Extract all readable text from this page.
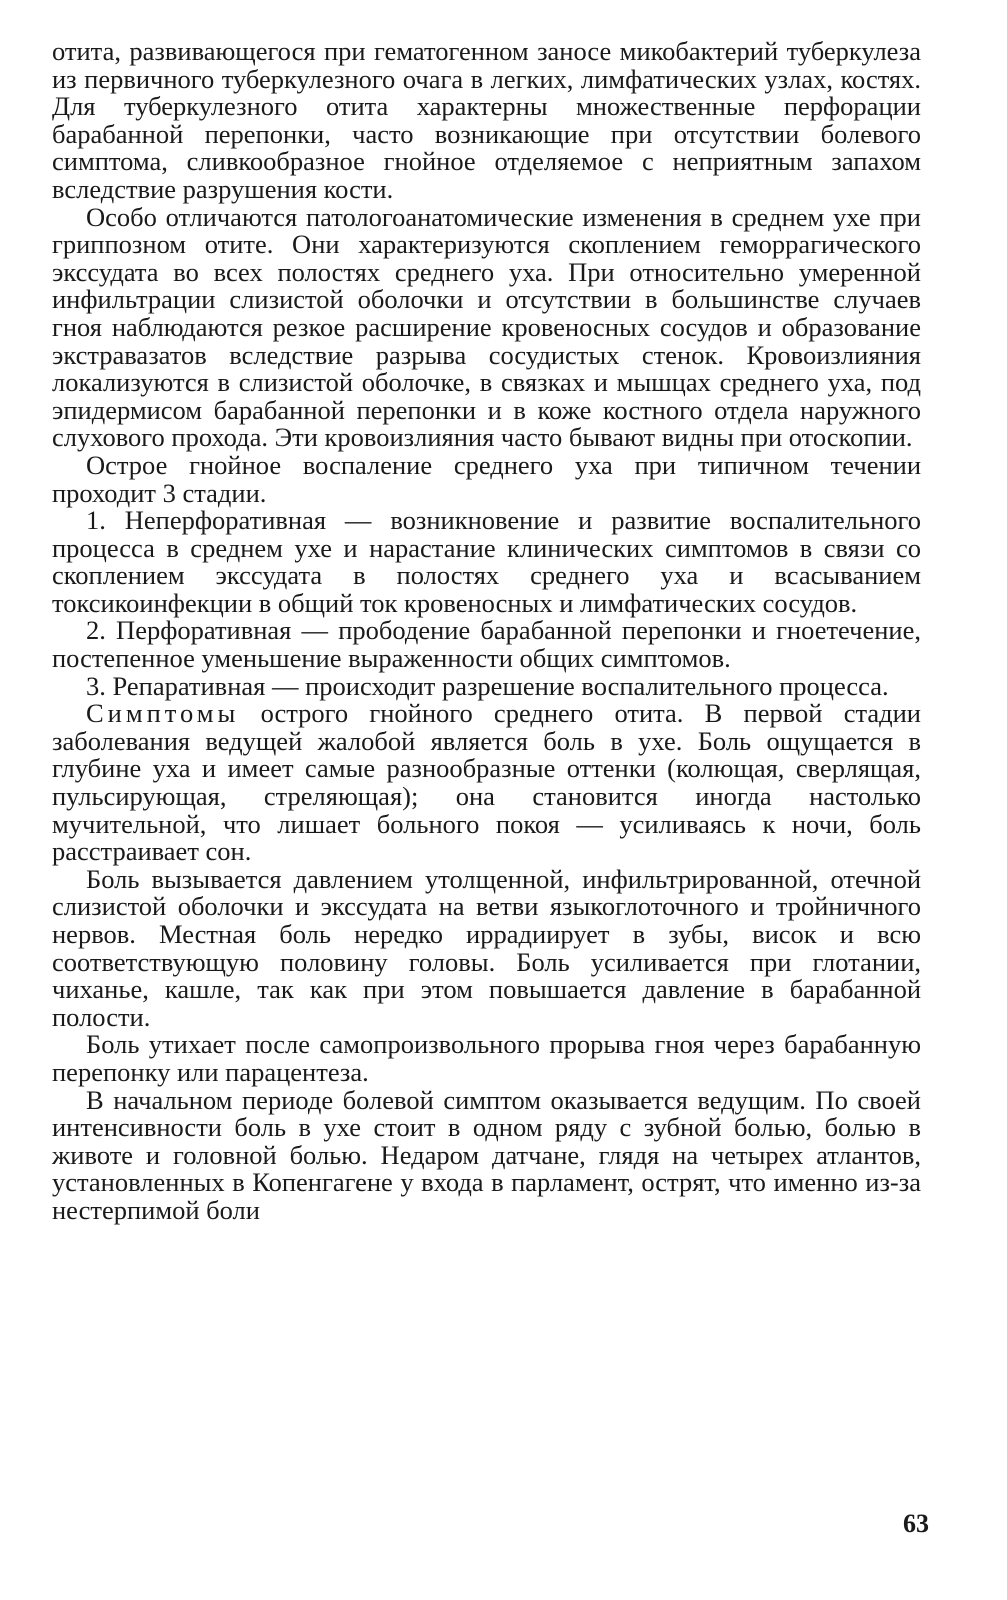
отита, развивающегося при гематогенном заносе микобактерий туберкулеза из первичного туберкулезного очага в легких, лимфатических узлах, костях. Для туберкулезного отита характерны множественные перфорации барабанной перепонки, часто возникающие при отсутствии болевого симптома, сливкообразное гнойное отделяемое с неприятным запахом вследствие разрушения кости.

Особо отличаются патологоанатомические изменения в среднем ухе при гриппозном отите. Они характеризуются скоплением геморрагического экссудата во всех полостях среднего уха. При относительно умеренной инфильтрации слизистой оболочки и отсутствии в большинстве случаев гноя наблюдаются резкое расширение кровеносных сосудов и образование экстравазатов вследствие разрыва сосудистых стенок. Кровоизлияния локализуются в слизистой оболочке, в связках и мышцах среднего уха, под эпидермисом барабанной перепонки и в коже костного отдела наружного слухового прохода. Эти кровоизлияния часто бывают видны при отоскопии.

Острое гнойное воспаление среднего уха при типичном течении проходит 3 стадии.

1. Неперфоративная — возникновение и развитие воспалительного процесса в среднем ухе и нарастание клинических симптомов в связи со скоплением экссудата в полостях среднего уха и всасыванием токсикоинфекции в общий ток кровеносных и лимфатических сосудов.

2. Перфоративная — прободение барабанной перепонки и гноетечение, постепенное уменьшение выраженности общих симптомов.

3. Репаративная — происходит разрешение воспалительного процесса.

Симптомы острого гнойного среднего отита. В первой стадии заболевания ведущей жалобой является боль в ухе. Боль ощущается в глубине уха и имеет самые разнообразные оттенки (колющая, сверлящая, пульсирующая, стреляющая); она становится иногда настолько мучительной, что лишает больного покоя — усиливаясь к ночи, боль расстраивает сон.

Боль вызывается давлением утолщенной, инфильтрированной, отечной слизистой оболочки и экссудата на ветви языкоглоточного и тройничного нервов. Местная боль нередко иррадиирует в зубы, висок и всю соответствующую половину головы. Боль усиливается при глотании, чиханье, кашле, так как при этом повышается давление в барабанной полости.

Боль утихает после самопроизвольного прорыва гноя через барабанную перепонку или парацентеза.

В начальном периоде болевой симптом оказывается ведущим. По своей интенсивности боль в ухе стоит в одном ряду с зубной болью, болью в животе и головной болью. Недаром датчане, глядя на четырех атлантов, установленных в Копенгагене у входа в парламент, острят, что именно из-за нестерпимой боли

63
